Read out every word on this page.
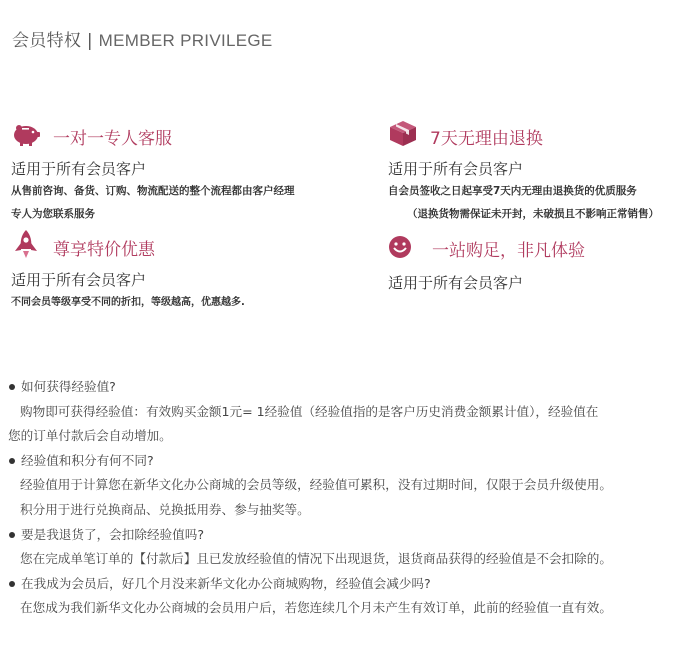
会员特权 | MEMBER PRIVILEGE
一对一专人客服
适用于所有会员客户
从售前咨询、备货、订购、物流配送的整个流程都由客户经理
专人为您联系服务
7天无理由退换
适用于所有会员客户
自会员签收之日起享受7天内无理由退换货的优质服务
（退换货物需保证未开封，未破损且不影响正常销售）
尊享特价优惠
适用于所有会员客户
不同会员等级享受不同的折扣，等级越高，优惠越多.
一站购足，非凡体验
适用于所有会员客户
如何获得经验值?
购物即可获得经验值：有效购买金额1元= 1经验值（经验值指的是客户历史消费金额累计值），经验值在
您的订单付款后会自动增加。
经验值和积分有何不同?
经验值用于计算您在新华文化办公商城的会员等级，经验值可累积，没有过期时间，仅限于会员升级使用。
积分用于进行兑换商品、兑换抵用券、参与抽奖等。
要是我退货了，会扣除经验值吗?
您在完成单笔订单的【付款后】且已发放经验值的情况下出现退货，退货商品获得的经验值是不会扣除的。
在我成为会员后，好几个月没来新华文化办公商城购物，经验值会减少吗?
在您成为我们新华文化办公商城的会员用户后，若您连续几个月未产生有效订单，此前的经验值一直有效。
